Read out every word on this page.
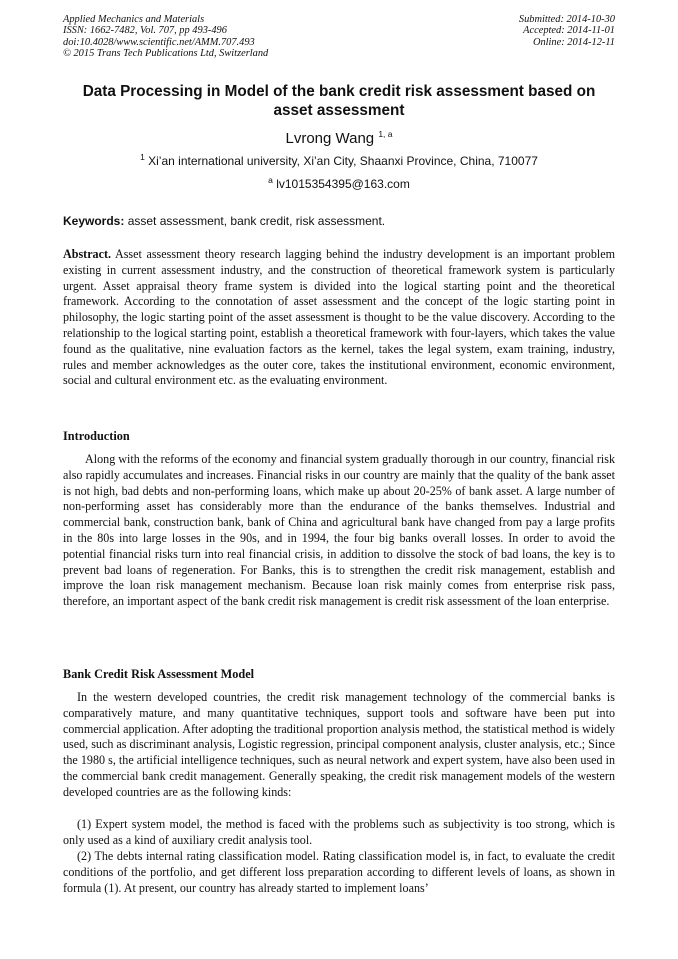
Applied Mechanics and Materials
ISSN: 1662-7482, Vol. 707, pp 493-496
doi:10.4028/www.scientific.net/AMM.707.493
© 2015 Trans Tech Publications Ltd, Switzerland
Submitted: 2014-10-30
Accepted: 2014-11-01
Online: 2014-12-11
Data Processing in Model of the bank credit risk assessment based on
asset assessment
Lvrong Wang $^{1, a}$
$^1$ Xi’an international university, Xi’an City, Shaanxi Province, China, 710077
$^a$ lv1015354395@163.com
Keywords: asset assessment, bank credit, risk assessment.

Abstract. Asset assessment theory research lagging behind the industry development is an important problem existing in current assessment industry, and the construction of theoretical framework system is particularly urgent. Asset appraisal theory frame system is divided into the logical starting point and the theoretical framework. According to the connotation of asset assessment and the concept of the logic starting point in philosophy, the logic starting point of the asset assessment is thought to be the value discovery. According to the relationship to the logical starting point, establish a theoretical framework with four-layers, which takes the value found as the qualitative, nine evaluation factors as the kernel, takes the legal system, exam training, industry, rules and member acknowledges as the outer core, takes the institutional environment, economic environment, social and cultural environment etc. as the evaluating environment.

Introduction

Along with the reforms of the economy and financial system gradually thorough in our country, financial risk also rapidly accumulates and increases. Financial risks in our country are mainly that the quality of the bank asset is not high, bad debts and non-performing loans, which make up about 20-25% of bank asset. A large number of non-performing asset has considerably more than the endurance of the banks themselves. Industrial and commercial bank, construction bank, bank of China and agricultural bank have changed from pay a large profits in the 80s into large losses in the 90s, and in 1994, the four big banks overall losses. In order to avoid the potential financial risks turn into real financial crisis, in addition to dissolve the stock of bad loans, the key is to prevent bad loans of regeneration. For Banks, this is to strengthen the credit risk management, establish and improve the loan risk management mechanism. Because loan risk mainly comes from enterprise risk pass, therefore, an important aspect of the bank credit risk management is credit risk assessment of the loan enterprise.

Bank Credit Risk Assessment Model

In the western developed countries, the credit risk management technology of the commercial banks is comparatively mature, and many quantitative techniques, support tools and software have been put into commercial application. After adopting the traditional proportion analysis method, the statistical method is widely used, such as discriminant analysis, Logistic regression, principal component analysis, cluster analysis, etc.; Since the 1980 s, the artificial intelligence techniques, such as neural network and expert system, have also been used in the commercial bank credit management. Generally speaking, the credit risk management models of the western developed countries are as the following kinds:

(1) Expert system model, the method is faced with the problems such as subjectivity is too strong, which is only used as a kind of auxiliary credit analysis tool.

(2) The debts internal rating classification model. Rating classification model is, in fact, to evaluate the credit conditions of the portfolio, and get different loss preparation according to different levels of loans, as shown in formula (1). At present, our country has already started to implement loans’
